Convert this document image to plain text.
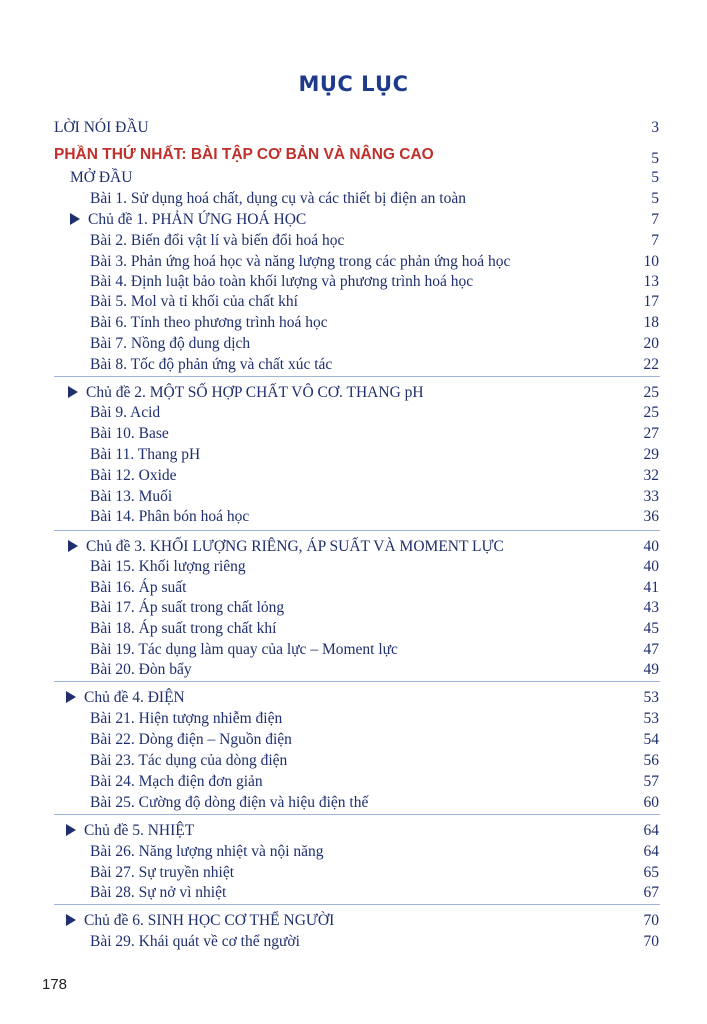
MỤC LỤC
LỜI NÓI ĐẦU	3
PHẦN THỨ NHẤT: BÀI TẬP CƠ BẢN VÀ NÂNG CAO	5
MỞ ĐẦU	5
Bài 1. Sử dụng hoá chất, dụng cụ và các thiết bị điện an toàn	5
Chủ đề 1. PHẢN ỨNG HOÁ HỌC	7
Bài 2. Biến đổi vật lí và biến đổi hoá học	7
Bài 3. Phản ứng hoá học và năng lượng trong các phản ứng hoá học	10
Bài 4. Định luật bảo toàn khối lượng và phương trình hoá học	13
Bài 5. Mol và tỉ khối của chất khí	17
Bài 6. Tính theo phương trình hoá học	18
Bài 7. Nồng độ dung dịch	20
Bài 8. Tốc độ phản ứng và chất xúc tác	22
Chủ đề 2. MỘT SỐ HỢP CHẤT VÔ CƠ. THANG pH	25
Bài 9. Acid	25
Bài 10. Base	27
Bài 11. Thang pH	29
Bài 12. Oxide	32
Bài 13. Muối	33
Bài 14. Phân bón hoá học	36
Chủ đề 3. KHỐI LƯỢNG RIÊNG, ÁP SUẤT VÀ MOMENT LỰC	40
Bài 15. Khối lượng riêng	40
Bài 16. Áp suất	41
Bài 17. Áp suất trong chất lỏng	43
Bài 18. Áp suất trong chất khí	45
Bài 19. Tác dụng làm quay của lực – Moment lực	47
Bài 20. Đòn bẩy	49
Chủ đề 4. ĐIỆN	53
Bài 21. Hiện tượng nhiễm điện	53
Bài 22. Dòng điện – Nguồn điện	54
Bài 23. Tác dụng của dòng điện	56
Bài 24. Mạch điện đơn giản	57
Bài 25. Cường độ dòng điện và hiệu điện thế	60
Chủ đề 5. NHIỆT	64
Bài 26. Năng lượng nhiệt và nội năng	64
Bài 27. Sự truyền nhiệt	65
Bài 28. Sự nở vì nhiệt	67
Chủ đề 6. SINH HỌC CƠ THỂ NGƯỜI	70
Bài 29. Khái quát về cơ thể người	70
178
